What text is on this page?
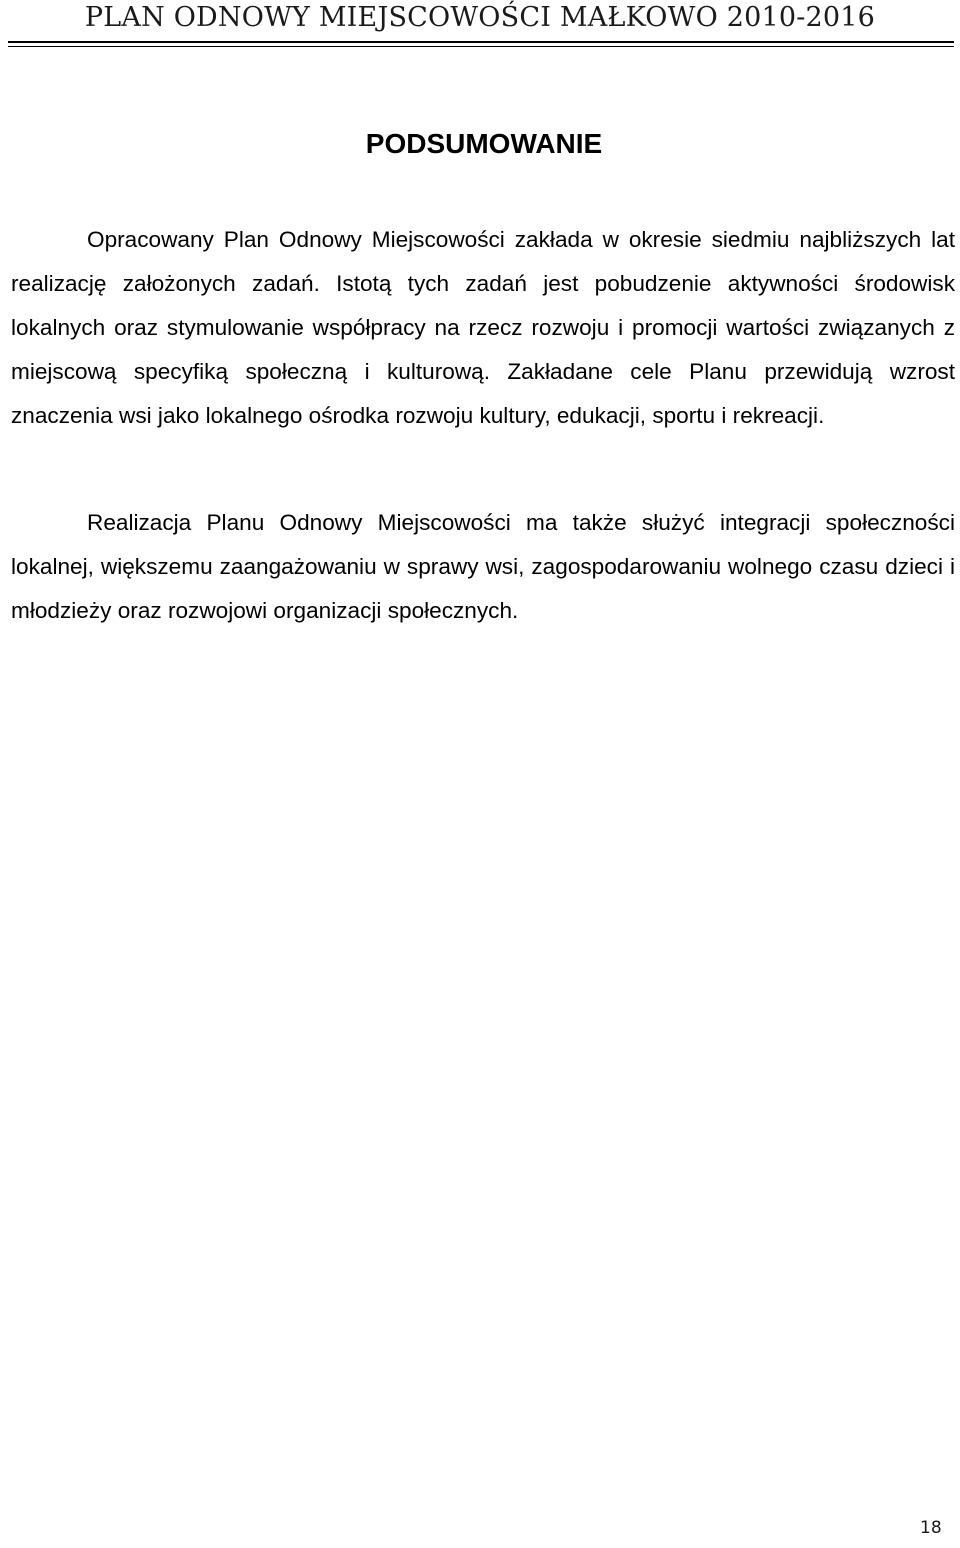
PLAN ODNOWY MIEJSCOWOŚCI MAŁKOWO 2010-2016
PODSUMOWANIE

Opracowany Plan Odnowy Miejscowości zakłada w okresie siedmiu najbliższych lat realizację założonych zadań. Istotą tych zadań jest pobudzenie aktywności środowisk lokalnych oraz stymulowanie współpracy na rzecz rozwoju i promocji wartości związanych z miejscową specyfiką społeczną i kulturową. Zakładane cele Planu przewidują wzrost znaczenia wsi jako lokalnego ośrodka rozwoju kultury, edukacji, sportu i rekreacji.

Realizacja Planu Odnowy Miejscowości ma także służyć integracji społeczności lokalnej, większemu zaangażowaniu w sprawy wsi, zagospodarowaniu wolnego czasu dzieci i młodzieży oraz rozwojowi organizacji społecznych.

18
